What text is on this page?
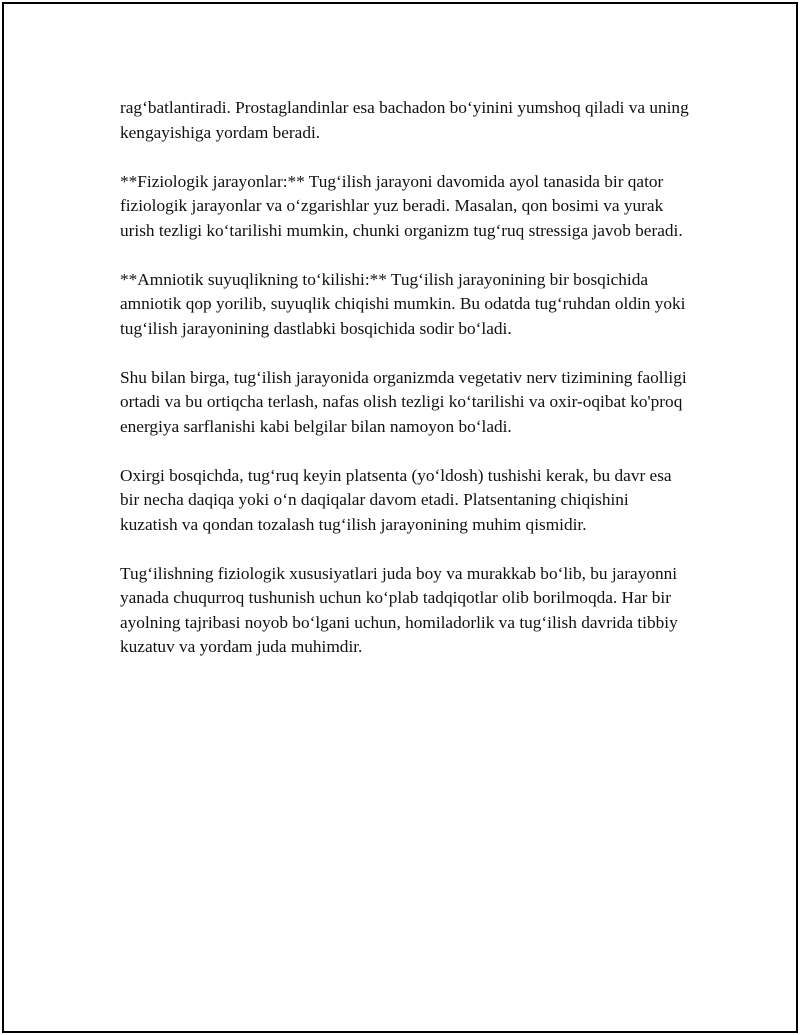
rag‘batlantiradi. Prostaglandinlar esa bachadon bo‘yinini yumshoq qiladi va uning kengayishiga yordam beradi.

**Fiziologik jarayonlar:** Tug‘ilish jarayoni davomida ayol tanasida bir qator fiziologik jarayonlar va o‘zgarishlar yuz beradi. Masalan, qon bosimi va yurak urish tezligi ko‘tarilishi mumkin, chunki organizm tug‘ruq stressiga javob beradi.

**Amniotik suyuqlikning to‘kilishi:** Tug‘ilish jarayonining bir bosqichida amniotik qop yorilib, suyuqlik chiqishi mumkin. Bu odatda tug‘ruhdan oldin yoki tug‘ilish jarayonining dastlabki bosqichida sodir bo‘ladi.

Shu bilan birga, tug‘ilish jarayonida organizmda vegetativ nerv tizimining faolligi ortadi va bu ortiqcha terlash, nafas olish tezligi ko‘tarilishi va oxir-oqibat ko'proq energiya sarflanishi kabi belgilar bilan namoyon bo‘ladi.

Oxirgi bosqichda, tug‘ruq keyin platsenta (yo‘ldosh) tushishi kerak, bu davr esa bir necha daqiqa yoki o‘n daqiqalar davom etadi. Platsentaning chiqishini kuzatish va qondan tozalash tug‘ilish jarayonining muhim qismidir.

Tug‘ilishning fiziologik xususiyatlari juda boy va murakkab bo‘lib, bu jarayonni yanada chuqurroq tushunish uchun ko‘plab tadqiqotlar olib borilmoqda. Har bir ayolning tajribasi noyob bo‘lgani uchun, homiladorlik va tug‘ilish davrida tibbiy kuzatuv va yordam juda muhimdir.
